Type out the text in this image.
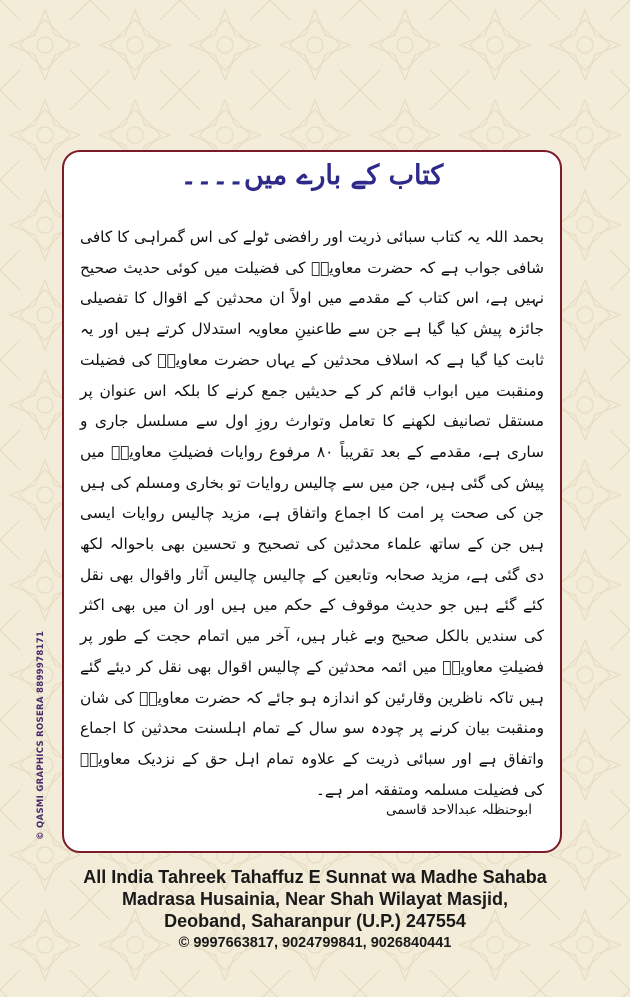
کتاب کے بارے میں۔۔۔۔
بحمد اللہ یہ کتاب سبائی ذریت اور رافضی ٹولے کی اس گمراہی کا کافی شافی جواب ہے کہ حضرت معاویہؓ کی فضیلت میں کوئی حدیث صحیح نہیں ہے، اس کتاب کے مقدمے میں اولاً ان محدثین کے اقوال کا تفصیلی جائزہ پیش کیا گیا ہے جن سے طاعنینِ معاویہ استدلال کرتے ہیں اور یہ ثابت کیا گیا ہے کہ اسلاف محدثین کے یہاں حضرت معاویہؓ کی فضیلت ومنقبت میں ابواب قائم کر کے حدیثیں جمع کرنے کا بلکہ اس عنوان پر مستقل تصانیف لکھنے کا تعامل وتوارث روزِ اول سے مسلسل جاری و ساری ہے، مقدمے کے بعد تقریباً ۸۰ مرفوع روایات فضیلتِ معاویہؓ میں پیش کی گئی ہیں، جن میں سے چالیس روایات تو بخاری ومسلم کی ہیں جن کی صحت پر امت کا اجماع واتفاق ہے، مزید چالیس روایات ایسی ہیں جن کے ساتھ علماء محدثین کی تصحیح و تحسین بھی باحوالہ لکھ دی گئی ہے، مزید صحابہ وتابعین کے چالیس چالیس آثار واقوال بھی نقل کئے گئے ہیں جو حدیث موقوف کے حکم میں ہیں اور ان میں بھی اکثر کی سندیں بالکل صحیح وبے غبار ہیں، آخر میں اتمام حجت کے طور پر فضیلتِ معاویہؓ میں ائمہ محدثین کے چالیس اقوال بھی نقل کر دیئے گئے ہیں تاکہ ناظرین وقارئین کو اندازہ ہو جائے کہ حضرت معاویہؓ کی شان ومنقبت بیان کرنے پر چودہ سو سال کے تمام اہلسنت محدثین کا اجماع واتفاق ہے اور سبائی ذریت کے علاوہ تمام اہل حق کے نزدیک معاویہؓ کی فضیلت مسلمہ ومتفقہ امر ہے۔
ابوحنظلہ عبدالاحد قاسمی
© QASMI GRAPHICS ROSERA 8899978171
All India Tahreek Tahaffuz E Sunnat wa Madhe Sahaba
Madrasa Husainia, Near Shah Wilayat Masjid,
Deoband, Saharanpur (U.P.) 247554
© 9997663817, 9024799841, 9026840441
